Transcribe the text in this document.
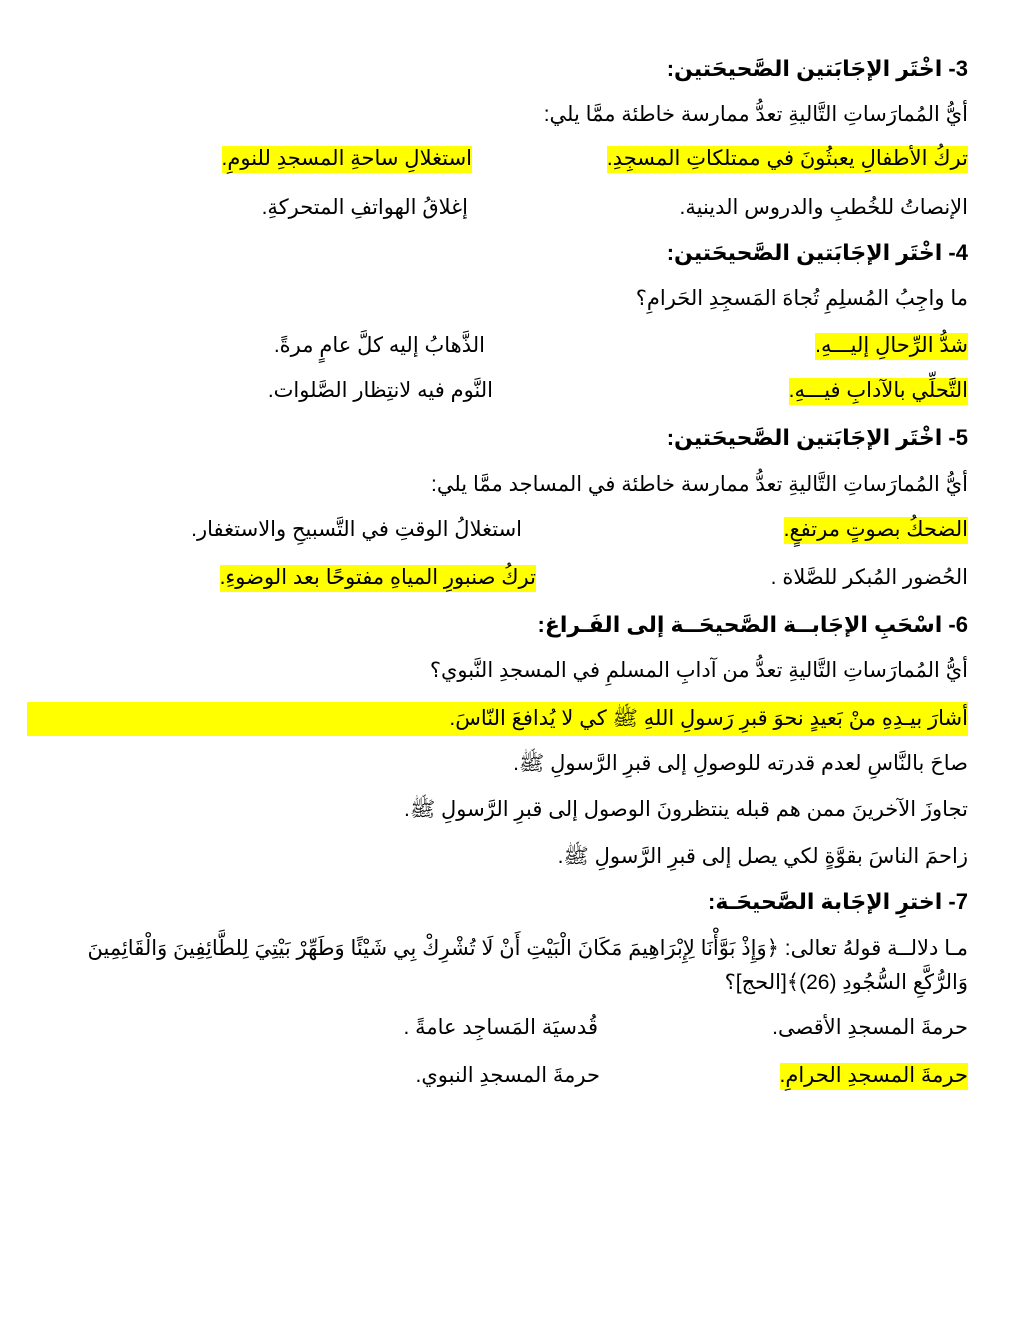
3- اخْتَر الإجَابَتين الصَّحيحَتين:
أيُّ المُمارَساتِ التَّاليةِ تعدُّ ممارسة خاطئة ممَّا يلي:
تركُ الأطفالِ يعبثُونَ في ممتلكاتِ المسجِدِ.
استغلالِ ساحةِ المسجدِ للنومِ.
الإنصاتُ للخُطبِ والدروس الدينية.
إغلاقُ الهواتفِ المتحركةِ.
4- اخْتَر الإجَابَتين الصَّحيحَتين:
ما واجِبُ المُسلِمِ تُجاهَ المَسجِدِ الحَرامِ؟
شدُّ الرِّحالِ إليـــهِ.
الذَّهابُ إليه كلَّ عامٍ مرةً.
التَّحلِّي بالآدابِ فيـــهِ.
النَّوم فيه لانتِظار الصَّلوات.
5- اخْتَر الإجَابَتين الصَّحيحَتين:
أيُّ المُمارَساتِ التَّاليةِ تعدُّ ممارسة خاطئة في المساجد ممَّا يلي:
الضحكُ بصوتٍ مرتفعٍ.
استغلالُ الوقتِ في التَّسبيحِ والاستغفار.
الحُضور المُبكر للصَّلاة .
تركُ صنبورِ المياهِ مفتوحًا بعد الوضوءِ.
6- اسْحَبِ الإجَابــة الصَّحيحَــة إلى الفَـراغ:
أيُّ المُمارَساتِ التَّاليةِ تعدُّ من آدابِ المسلمِ في المسجدِ النَّبوي؟
أشارَ بيـدِهِ منْ بَعيدٍ نحوَ قبرِ رَسولِ اللهِ ﷺ كي لا يُدافعَ النّاسَ.
صاحَ بالنَّاسِ لعدم قدرته للوصولِ إلى قبرِ الرَّسولِ ﷺ.
تجاوزَ الآخرينَ ممن هم قبله ينتظرونَ الوصول إلى قبرِ الرَّسولِ ﷺ.
زاحمَ الناسَ بقوَّةٍ لكي يصل إلى قبرِ الرَّسولِ ﷺ.
7- اخترِ الإجَابة الصَّحيحَـة:
مـا دلالــة قولهُ تعالى: ﴿وَإِذْ بَوَّأْنَا لِإِبْرَاهِيمَ مَكَانَ الْبَيْتِ أَنْ لَا تُشْرِكْ بِي شَيْئًا وَطَهِّرْ بَيْتِيَ لِلطَّائِفِينَ وَالْقَائِمِينَ وَالرُّكَّعِ السُّجُودِ (26)﴾[الحج]؟
حرمةَ المسجدِ الأقصى.
قُدسيَة المَساجِد عامةً .
حرمةَ المسجدِ الحرامِ.
حرمةَ المسجدِ النبوي.
